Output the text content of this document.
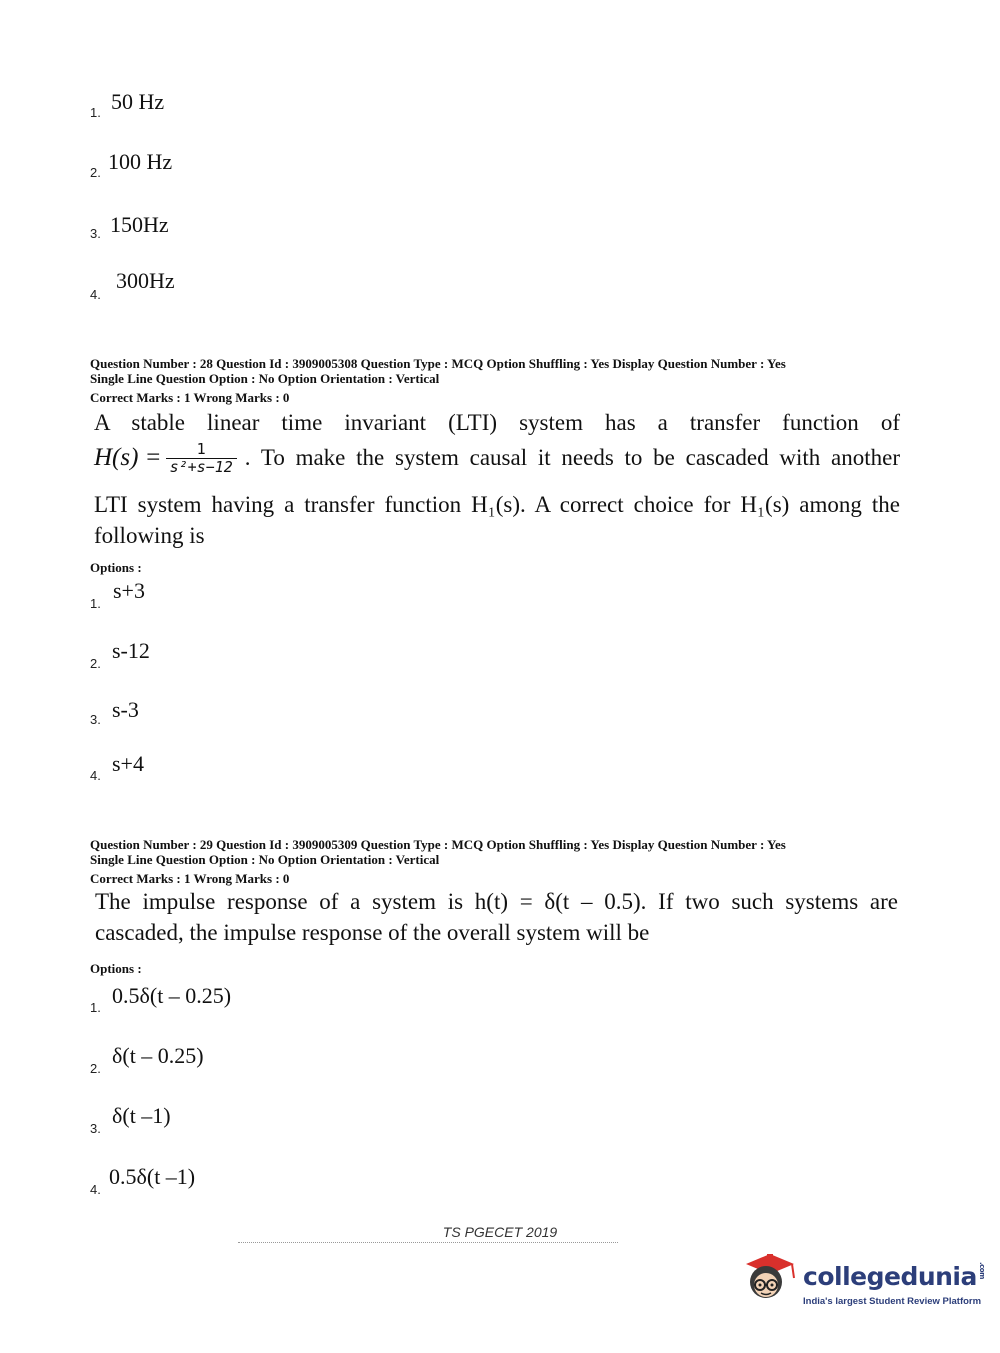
1. 50 Hz
2. 100 Hz
3. 150Hz
4.
300Hz
Question Number : 28 Question Id : 3909005308 Question Type : MCQ Option Shuffling : Yes Display Question Number : Yes
Single Line Question Option : No Option Orientation : Vertical
Correct Marks : 1 Wrong Marks : 0
A stable linear time invariant (LTI) system has a transfer function of
$H(s) = \frac{1}{\text{s²+s−12}}$ . To make the system causal it needs to be cascaded with another
LTI system having a transfer function H₁(s). A correct choice for H₁(s) among the
following is
Options :
1.
s+3
2.
s-12
3. s-3
4. s+4
Question Number : 29 Question Id : 3909005309 Question Type : MCQ Option Shuffling : Yes Display Question Number : Yes
Single Line Question Option : No Option Orientation : Vertical
Correct Marks : 1 Wrong Marks : 0
The impulse response of a system is h(t) = δ(t – 0.5). If two such systems are
cascaded, the impulse response of the overall system will be
Options :
1. 0.5δ(t – 0.25)
2.
δ(t – 0.25)
3.
δ(t –1)
4.
0.5δ(t –1)
TS PGECET 2019
collegedunia.com
India's largest Student Review Platform
